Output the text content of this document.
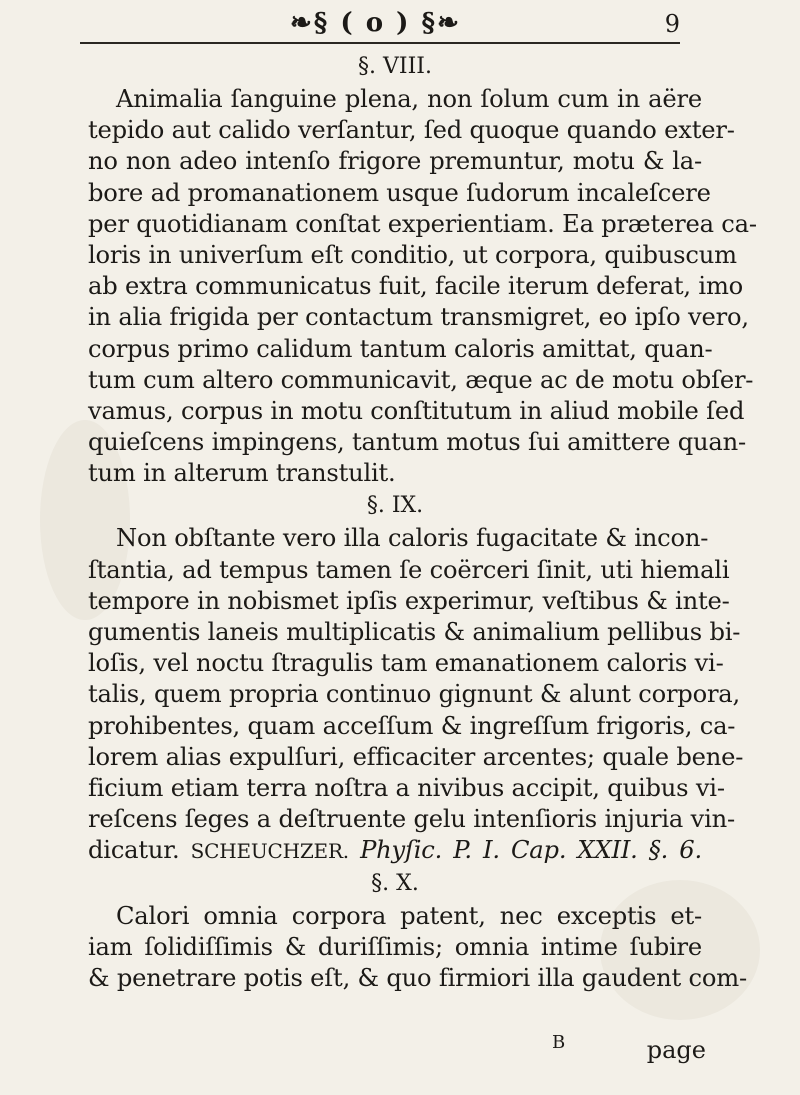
❧§ ( o ) §❧	9
§. VIII.
Animalia ſanguine plena, non ſolum cum in aëre
tepido aut calido verſantur, ſed quoque quando exter-
no non adeo intenſo frigore premuntur, motu & la-
bore ad promanationem usque ſudorum incaleſcere
per quotidianam conſtat experientiam. Ea præterea ca-
loris in univerſum eſt conditio, ut corpora, quibuscum
ab extra communicatus fuit, facile iterum deferat, imo
in alia frigida per contactum transmigret, eo ipſo vero,
corpus primo calidum tantum caloris amittat, quan-
tum cum altero communicavit, æque ac de motu obſer-
vamus, corpus in motu conſtitutum in aliud mobile ſed
quieſcens impingens, tantum motus ſui amittere quan-
tum in alterum transtulit.
§. IX.
Non obſtante vero illa caloris fugacitate & incon-
ſtantia, ad tempus tamen ſe coërceri ſinit, uti hiemali
tempore in nobismet ipſis experimur, veſtibus & inte-
gumentis laneis multiplicatis & animalium pellibus bi-
loſis, vel noctu ſtragulis tam emanationem caloris vi-
talis, quem propria continuo gignunt & alunt corpora,
prohibentes, quam acceſſum & ingreſſum frigoris, ca-
lorem alias expulſuri, efficaciter arcentes; quale bene-
ficium etiam terra noſtra a nivibus accipit, quibus vi-
reſcens ſeges a deſtruente gelu intenſioris injuria vin-
dicatur. SCHEUCHZER. Phyſic. P. I. Cap. XXII. §. 6.
§. X.
Calori omnia corpora patent, nec exceptis et-
iam ſolidiſſimis & duriſſimis; omnia intime ſubire
& penetrare potis eſt, & quo firmiori illa gaudent com-
B	page
